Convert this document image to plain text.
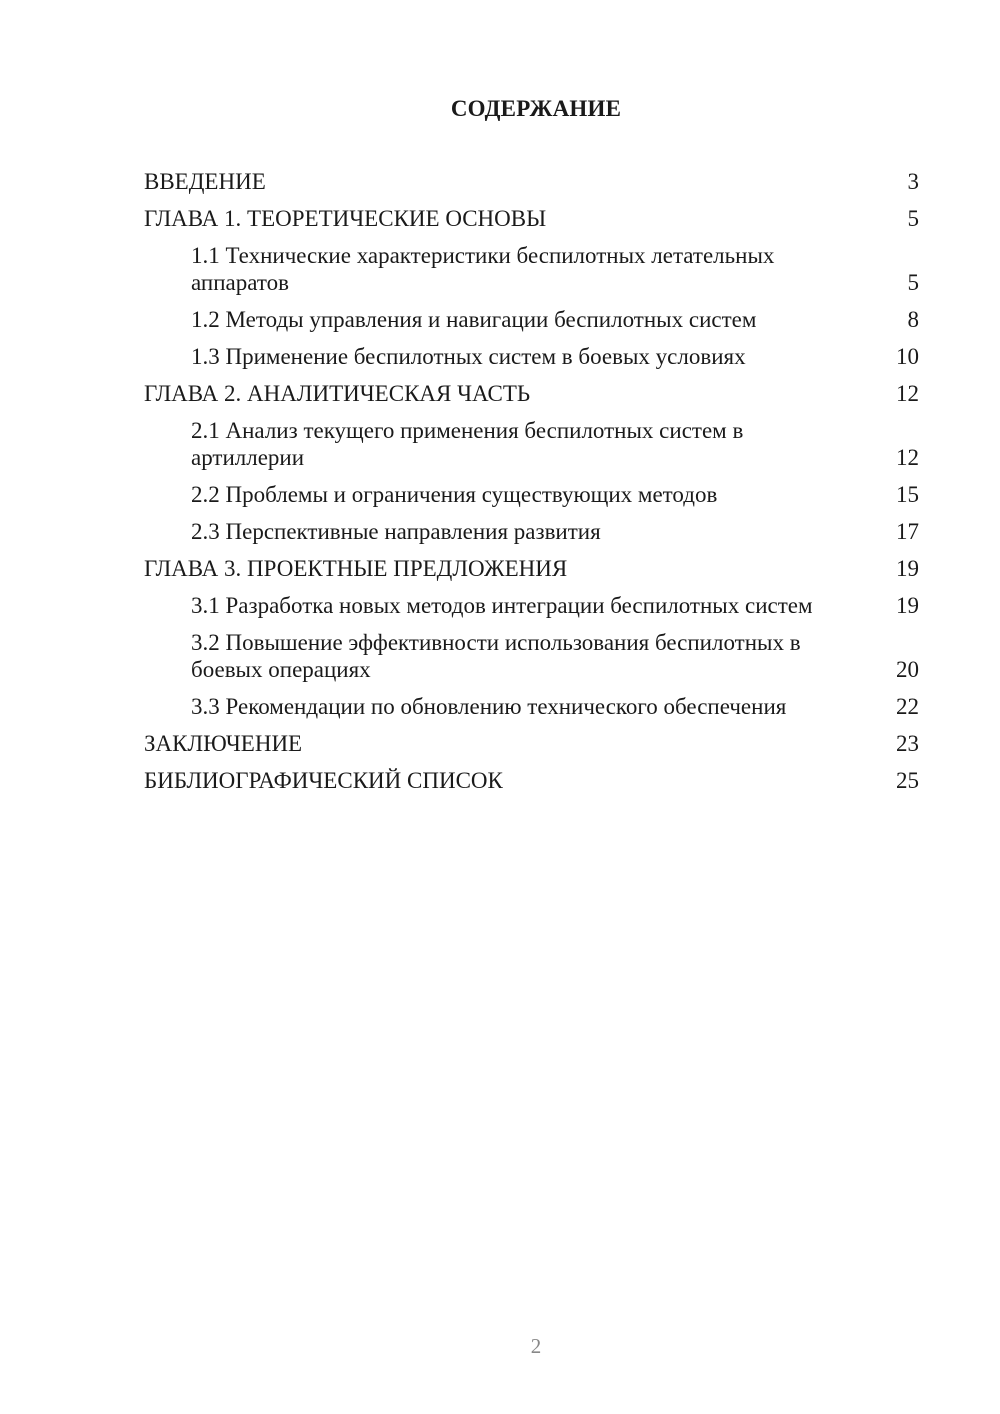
СОДЕРЖАНИЕ
ВВЕДЕНИЕ	3
ГЛАВА 1. ТЕОРЕТИЧЕСКИЕ ОСНОВЫ	5
1.1 Технические характеристики беспилотных летательных аппаратов	5
1.2 Методы управления и навигации беспилотных систем	8
1.3 Применение беспилотных систем в боевых условиях	10
ГЛАВА 2. АНАЛИТИЧЕСКАЯ ЧАСТЬ	12
2.1 Анализ текущего применения беспилотных систем в артиллерии	12
2.2 Проблемы и ограничения существующих методов	15
2.3 Перспективные направления развития	17
ГЛАВА 3. ПРОЕКТНЫЕ ПРЕДЛОЖЕНИЯ	19
3.1 Разработка новых методов интеграции беспилотных систем	19
3.2 Повышение эффективности использования беспилотных в боевых операциях	20
3.3 Рекомендации по обновлению технического обеспечения	22
ЗАКЛЮЧЕНИЕ	23
БИБЛИОГРАФИЧЕСКИЙ СПИСОК	25
2
